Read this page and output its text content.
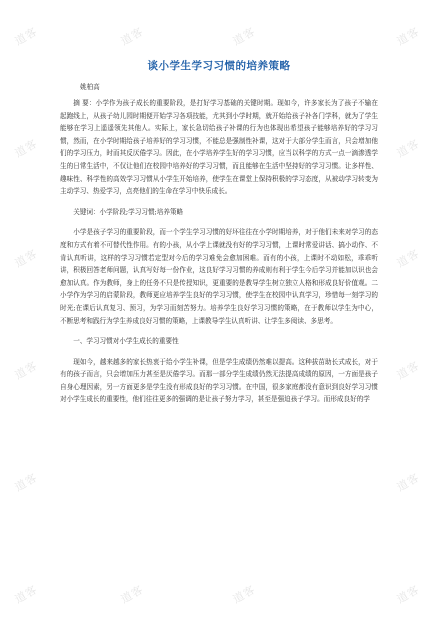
道客	道客	道客	道客
道客	道客
道客	道客
道客	道客
道客	道客
道客	道客	道客	道客
谈小学生学习习惯的培养策略
姚柏高

摘 要：小学作为孩子成长的重要阶段，是打好学习基础的关键时期。现如今，许多家长为了孩子不输在起跑线上，从孩子幼儿园时期便开始学习各项技能，尤其到小学时期，就开始给孩子补各门学科，就为了学生能够在学习上遥遥领先其他人。实际上，家长急切给孩子补课的行为也体现出希望孩子能够培养好的学习习惯，然而，在小学时期给孩子培养好的学习习惯，不能总是强制性补课，这对于大部分学生而言，只会增加他们的学习压力，时而其反厌倦学习。因此，在小学培养学生好的学习习惯，应当以科学的方式一点一滴渗透学生的日常生活中，不仅让他们在校园中培养好的学习习惯，而且能够在生活中坚持好的学习习惯。让多样性、趣味性、科学性的高效学习习惯从小学生开始培养，使学生在课堂上保持积极的学习态度，从被动学习转变为主动学习、热爱学习，点亮他们的生命在学习中快乐成长。

关键词：小学阶段;学习习惯;培养策略

小学是孩子学习的重要阶段，而一个学生学习习惯的好坏往往在小学时期培养，对于他们未来对学习的态度和方式有着不可替代性作用。有的小孩，从小学上课就没有好的学习习惯，上课时常爱讲话、搞小动作、不肯认真听讲，这样的学习习惯若定型对今后的学习难免会愈加困难。而有的小孩，上课时不动如松，乖乖听讲，积极回答老师问题，认真写好每一份作业，这良好学习习惯的养成则有利于学生今后学习并能加以识也会愈加认真。作为教师，身上的任务不只是传授知识，更重要的是教导学生树立独立人格和形成良好价值观。二小学作为学习的启蒙阶段，教师更应培养学生良好的学习习惯，使学生在校园中认真学习，珍惜每一刻学习的时光;在课后认真复习、预习，为学习而刻苦努力。培养学生良好学习习惯的策略，在于教师以学生为中心，不断思考和践行为学生养成良好习惯的策略，上课教导学生认真听讲、让学生多阅读、多思考。

一、学习习惯对小学生成长的重要性

现如今，越来越多的家长热衷于给小学生补课，但是学生成绩仍然难以提高。这种拔苗助长式成长，对于有的孩子而言，只会增加压力甚至是厌倦学习。而那一部分学生成绩仍然无法提高成绩的原因，一方面是孩子自身心理因素，另一方面更多是学生没有形成良好的学习习惯。在中国，很多家庭都没有意识到良好学习习惯对小学生成长的重要性，他们往往更多的强调的是让孩子努力学习，甚至是强迫孩子学习。而形成良好的学
